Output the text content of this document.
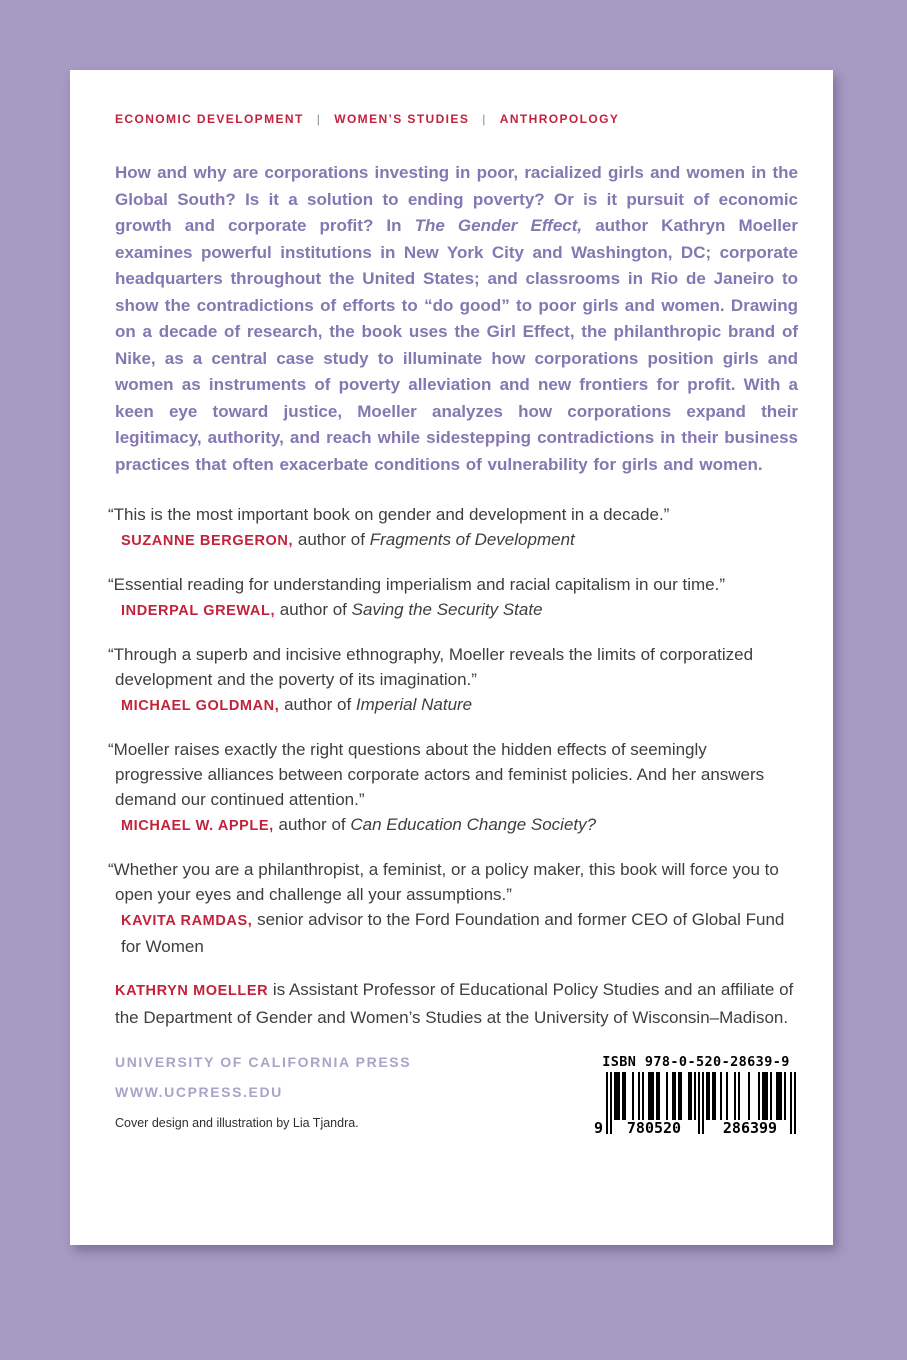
ECONOMIC DEVELOPMENT | WOMEN’S STUDIES | ANTHROPOLOGY

How and why are corporations investing in poor, racialized girls and women in the Global South? Is it a solution to ending poverty? Or is it pursuit of economic growth and corporate profit? In The Gender Effect, author Kathryn Moeller examines powerful institutions in New York City and Washington, DC; corporate headquarters throughout the United States; and classrooms in Rio de Janeiro to show the contradictions of efforts to “do good” to poor girls and women. Drawing on a decade of research, the book uses the Girl Effect, the philanthropic brand of Nike, as a central case study to illuminate how corporations position girls and women as instruments of poverty alleviation and new frontiers for profit. With a keen eye toward justice, Moeller analyzes how corporations expand their legitimacy, authority, and reach while sidestepping contradictions in their business practices that often exacerbate conditions of vulnerability for girls and women.

“This is the most important book on gender and development in a decade.”

SUZANNE BERGERON, author of Fragments of Development

“Essential reading for understanding imperialism and racial capitalism in our time.”

INDERPAL GREWAL, author of Saving the Security State

“Through a superb and incisive ethnography, Moeller reveals the limits of corporatized development and the poverty of its imagination.”

MICHAEL GOLDMAN, author of Imperial Nature

“Moeller raises exactly the right questions about the hidden effects of seemingly progressive alliances between corporate actors and feminist policies. And her answers demand our continued attention.”

MICHAEL W. APPLE, author of Can Education Change Society?

“Whether you are a philanthropist, a feminist, or a policy maker, this book will force you to open your eyes and challenge all your assumptions.”

KAVITA RAMDAS, senior advisor to the Ford Foundation and former CEO of Global Fund for Women

KATHRYN MOELLER is Assistant Professor of Educational Policy Studies and an affiliate of the Department of Gender and Women’s Studies at the University of Wisconsin–Madison.

UNIVERSITY OF CALIFORNIA PRESS
WWW.UCPRESS.EDU
Cover design and illustration by Lia Tjandra.
ISBN 978-0-520-28639-9
9	780520	286399
